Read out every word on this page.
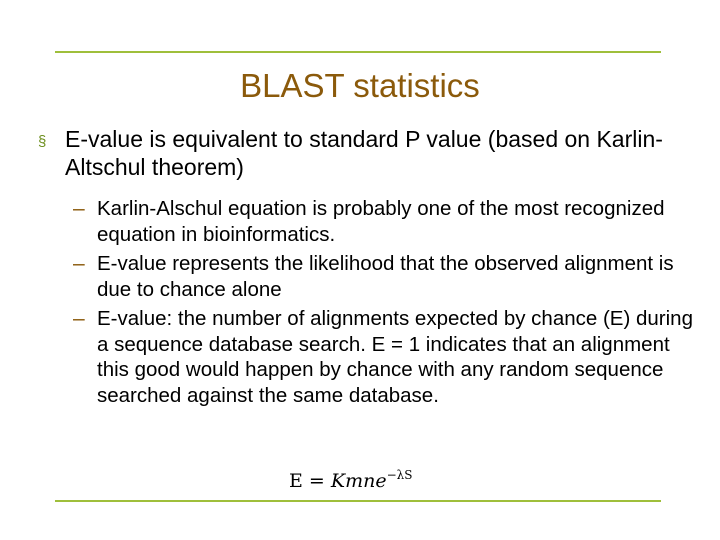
BLAST statistics
§ E-value is equivalent to standard P value (based on Karlin-Altschul theorem)
– Karlin-Alschul equation is probably one of the most recognized equation in bioinformatics.
– E-value represents the likelihood that the observed alignment is due to chance alone
– E-value: the number of alignments expected by chance (E) during a sequence database search. E = 1 indicates that an alignment this good would happen by chance with any random sequence searched against the same database.
E = Kmne$^{-\lambda S}$
